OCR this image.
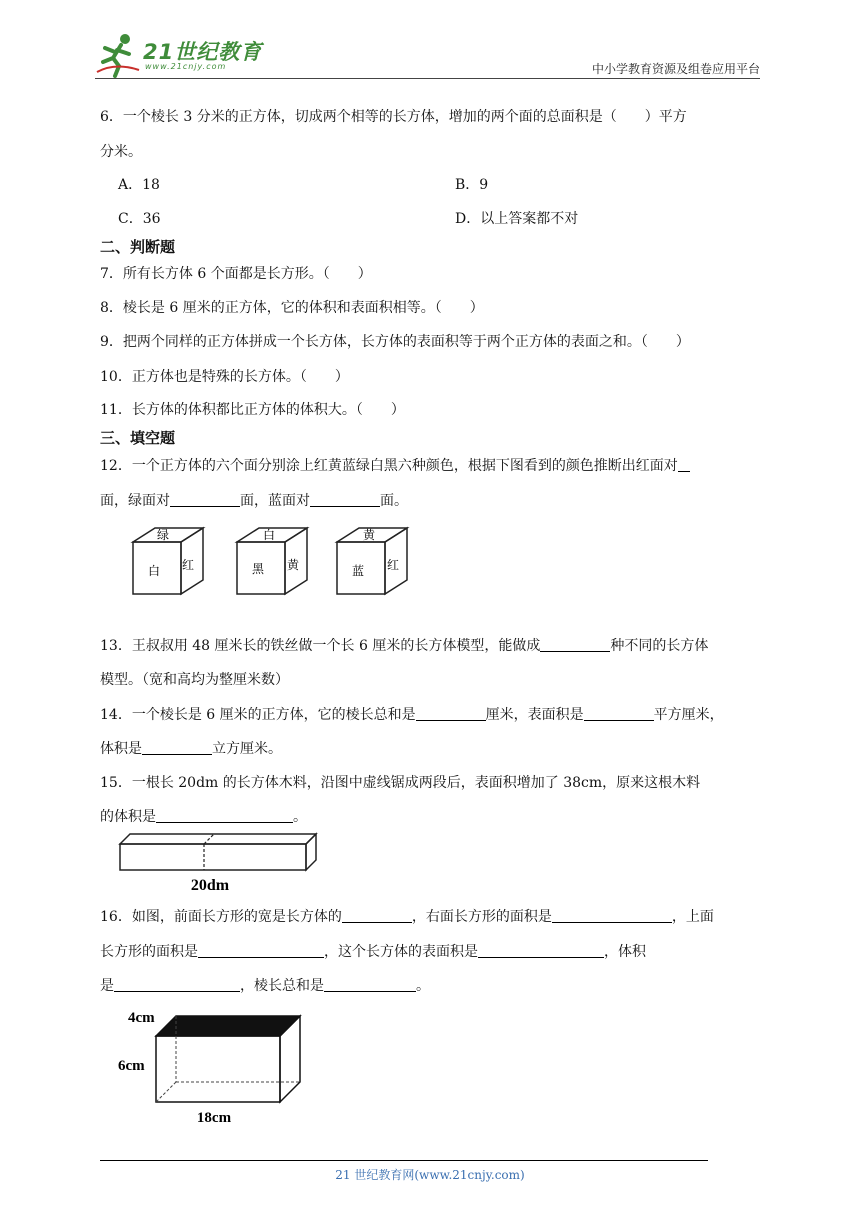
21世纪教育
www.21cnjy.com	中小学教育资源及组卷应用平台
6．一个棱长 3 分米的正方体，切成两个相等的长方体，增加的两个面的总面积是（　　）平方
分米。
A．18	B．9
C．36	D．以上答案都不对
二、判断题
7．所有长方体 6 个面都是长方形。（　　）
8．棱长是 6 厘米的正方体，它的体积和表面积相等。（　　）
9．把两个同样的正方体拼成一个长方体，长方体的表面积等于两个正方体的表面之和。（　　）
10．正方体也是特殊的长方体。（　　）
11．长方体的体积都比正方体的体积大。（　　）
三、填空题
12．一个正方体的六个面分别涂上红黄蓝绿白黑六种颜色，根据下图看到的颜色推断出红面对
面，绿面对	面，蓝面对	面。
绿
白 红
白
黑 黄
黄
蓝 红
13．王叔叔用 48 厘米长的铁丝做一个长 6 厘米的长方体模型，能做成	种不同的长方体
模型。（宽和高均为整厘米数）
14．一个棱长是 6 厘米的正方体，它的棱长总和是	厘米，表面积是	平方厘米，
体积是	立方厘米。
15．一根长 20dm 的长方体木料，沿图中虚线锯成两段后，表面积增加了 38cm，原来这根木料
的体积是	。
20dm
16．如图，前面长方形的宽是长方体的	，右面长方形的面积是	，上面
长方形的面积是	，这个长方体的表面积是	，体积
是	，棱长总和是	。
4cm
6cm
18cm
21 世纪教育网(www.21cnjy.com)
